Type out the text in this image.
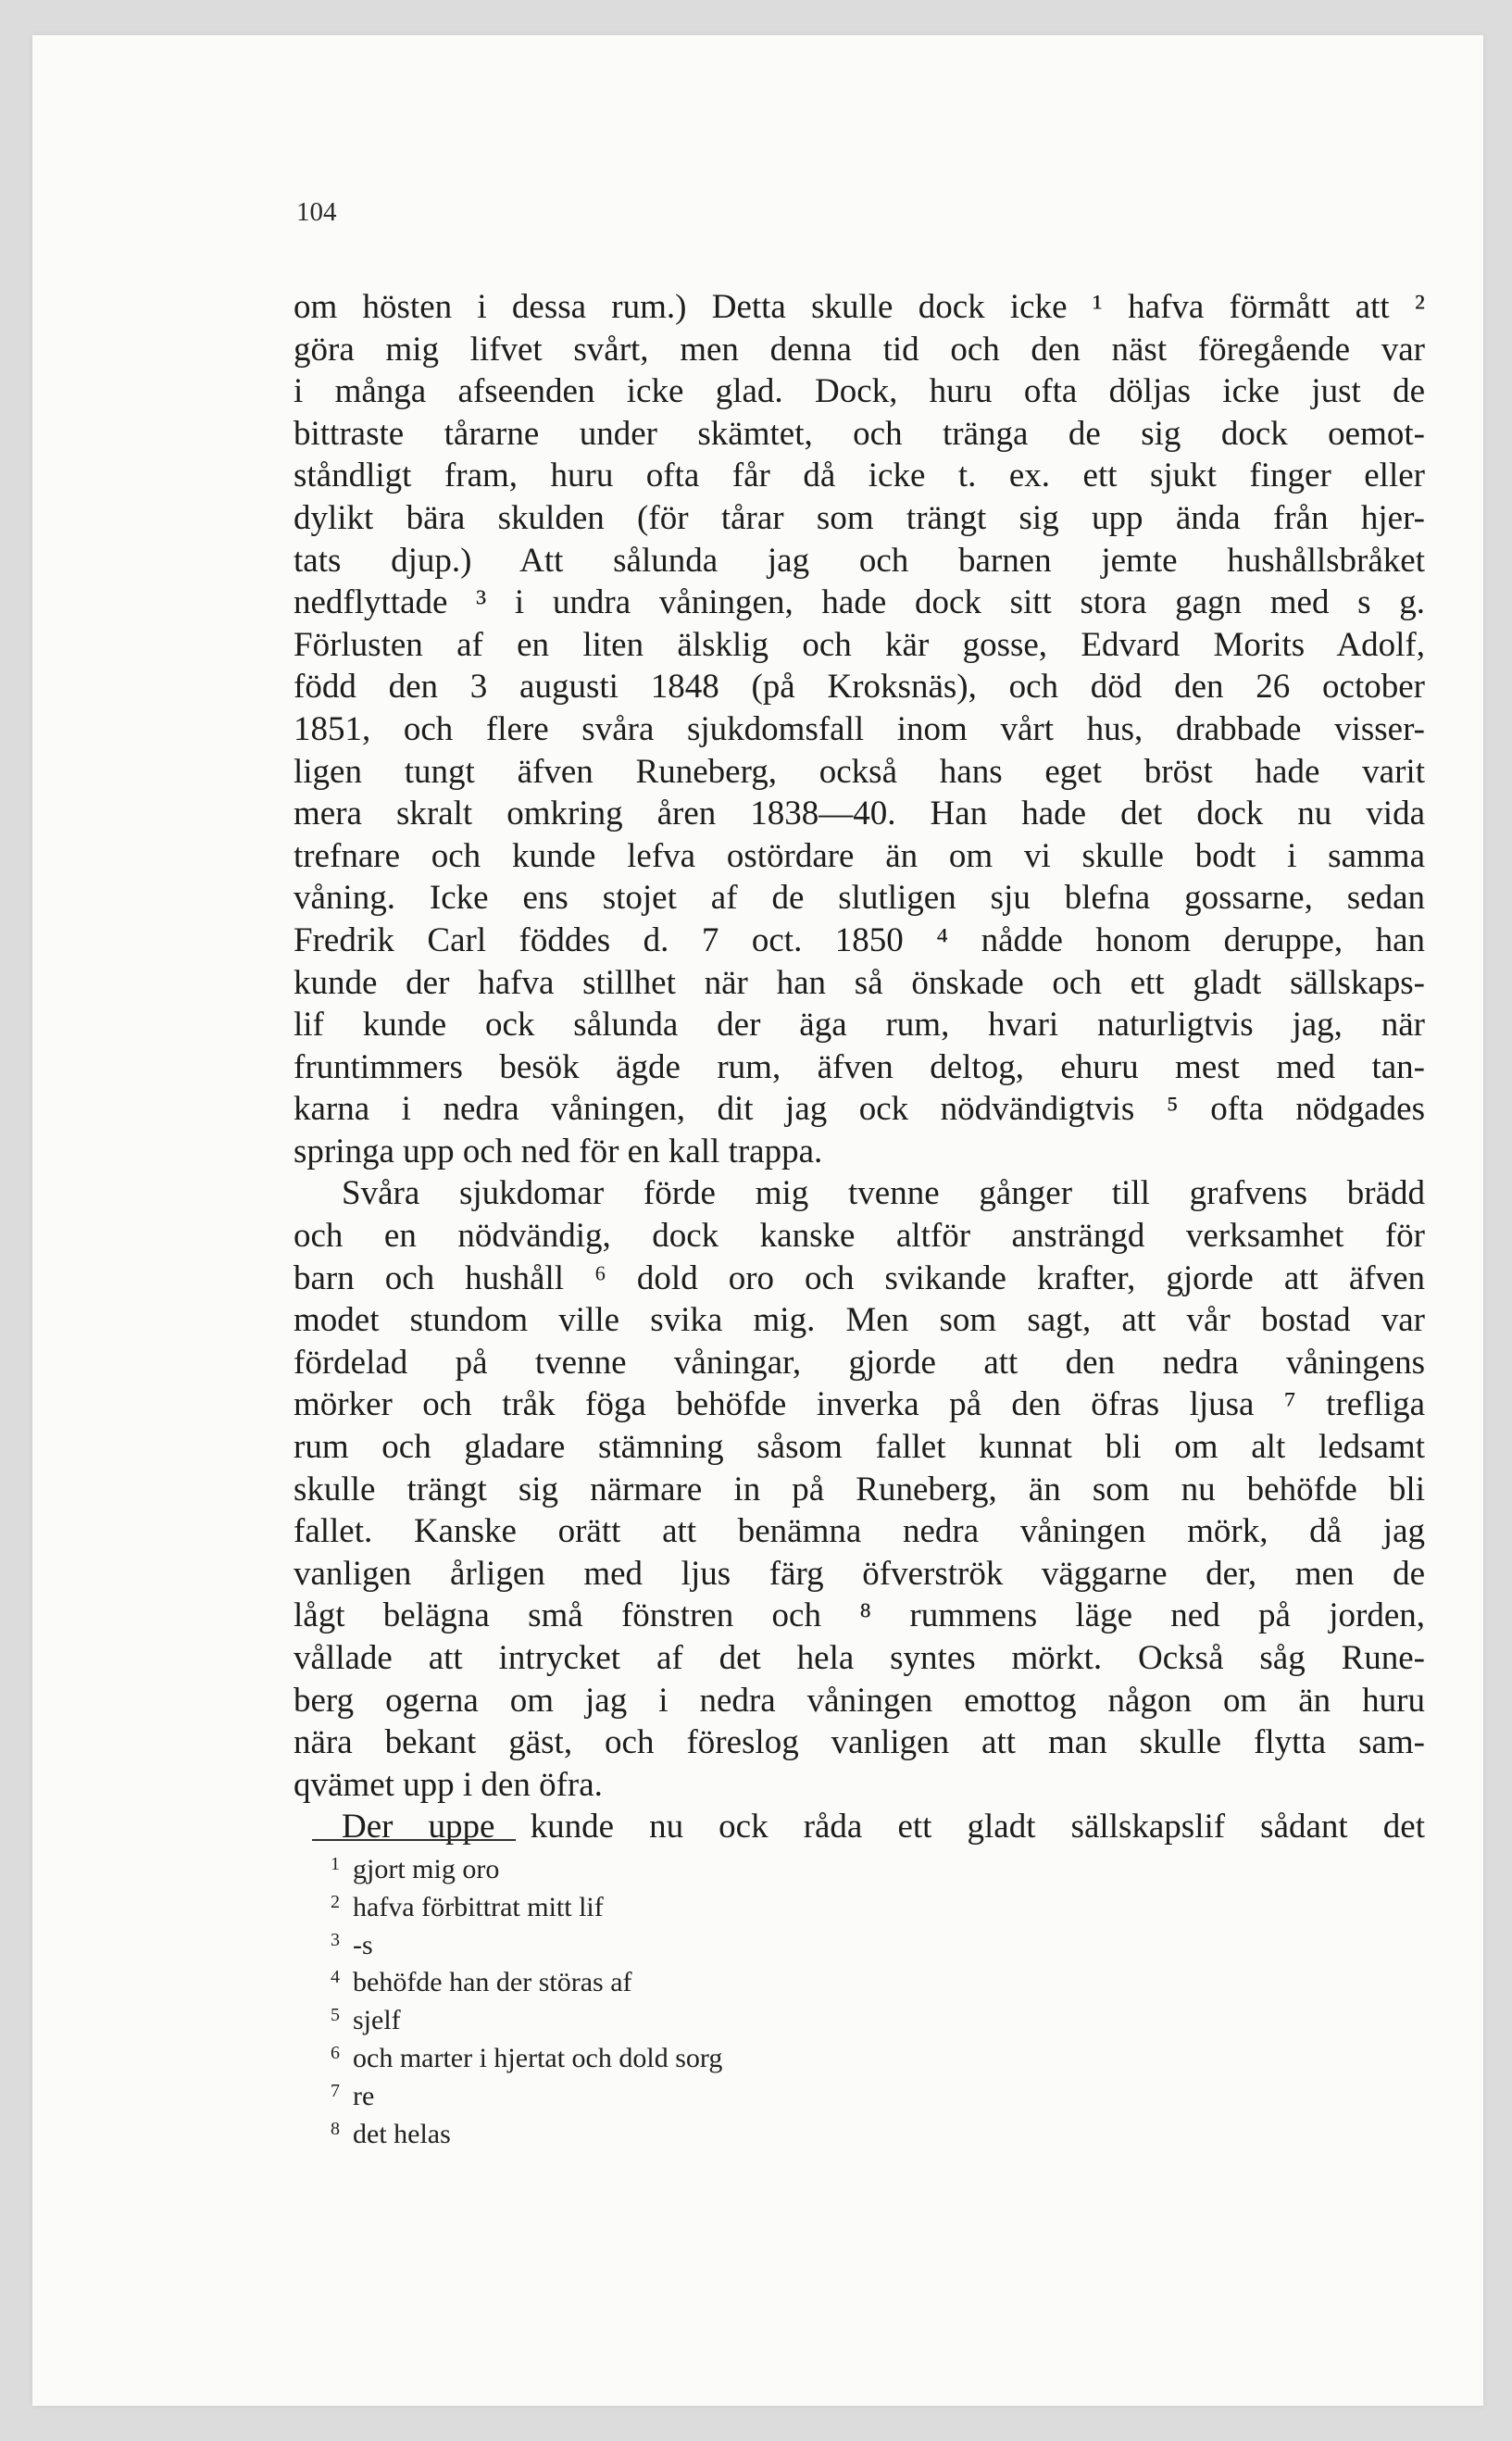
104
om hösten i dessa rum.) Detta skulle dock icke ¹ hafva förmått att ²
göra mig lifvet svårt, men denna tid och den näst föregående var
i många afseenden icke glad. Dock, huru ofta döljas icke just de
bittraste tårarne under skämtet, och tränga de sig dock oemot-
ståndligt fram, huru ofta får då icke t. ex. ett sjukt finger eller
dylikt bära skulden (för tårar som trängt sig upp ända från hjer-
tats djup.) Att sålunda jag och barnen jemte hushållsbråket
nedflyttade ³ i undra våningen, hade dock sitt stora gagn med s g.
Förlusten af en liten älsklig och kär gosse, Edvard Morits Adolf,
född den 3 augusti 1848 (på Kroksnäs), och död den 26 october
1851, och flere svåra sjukdomsfall inom vårt hus, drabbade visser-
ligen tungt äfven Runeberg, också hans eget bröst hade varit
mera skralt omkring åren 1838—40. Han hade det dock nu vida
trefnare och kunde lefva ostördare än om vi skulle bodt i samma
våning. Icke ens stojet af de slutligen sju blefna gossarne, sedan
Fredrik Carl föddes d. 7 oct. 1850 ⁴ nådde honom deruppe, han
kunde der hafva stillhet när han så önskade och ett gladt sällskaps-
lif kunde ock sålunda der äga rum, hvari naturligtvis jag, när
fruntimmers besök ägde rum, äfven deltog, ehuru mest med tan-
karna i nedra våningen, dit jag ock nödvändigtvis ⁵ ofta nödgades
springa upp och ned för en kall trappa.
Svåra sjukdomar förde mig tvenne gånger till grafvens brädd
och en nödvändig, dock kanske altför ansträngd verksamhet för
barn och hushåll ⁶ dold oro och svikande krafter, gjorde att äfven
modet stundom ville svika mig. Men som sagt, att vår bostad var
fördelad på tvenne våningar, gjorde att den nedra våningens
mörker och tråk föga behöfde inverka på den öfras ljusa ⁷ trefliga
rum och gladare stämning såsom fallet kunnat bli om alt ledsamt
skulle trängt sig närmare in på Runeberg, än som nu behöfde bli
fallet. Kanske orätt att benämna nedra våningen mörk, då jag
vanligen årligen med ljus färg öfverströk väggarne der, men de
lågt belägna små fönstren och ⁸ rummens läge ned på jorden,
vållade att intrycket af det hela syntes mörkt. Också såg Rune-
berg ogerna om jag i nedra våningen emottog någon om än huru
nära bekant gäst, och föreslog vanligen att man skulle flytta sam-
qvämet upp i den öfra.
Der uppe kunde nu ock råda ett gladt sällskapslif sådant det
1 gjort mig oro
2 hafva förbittrat mitt lif
3 -s
4 behöfde han der störas af
5 sjelf
6 och marter i hjertat och dold sorg
7 re
8 det helas
